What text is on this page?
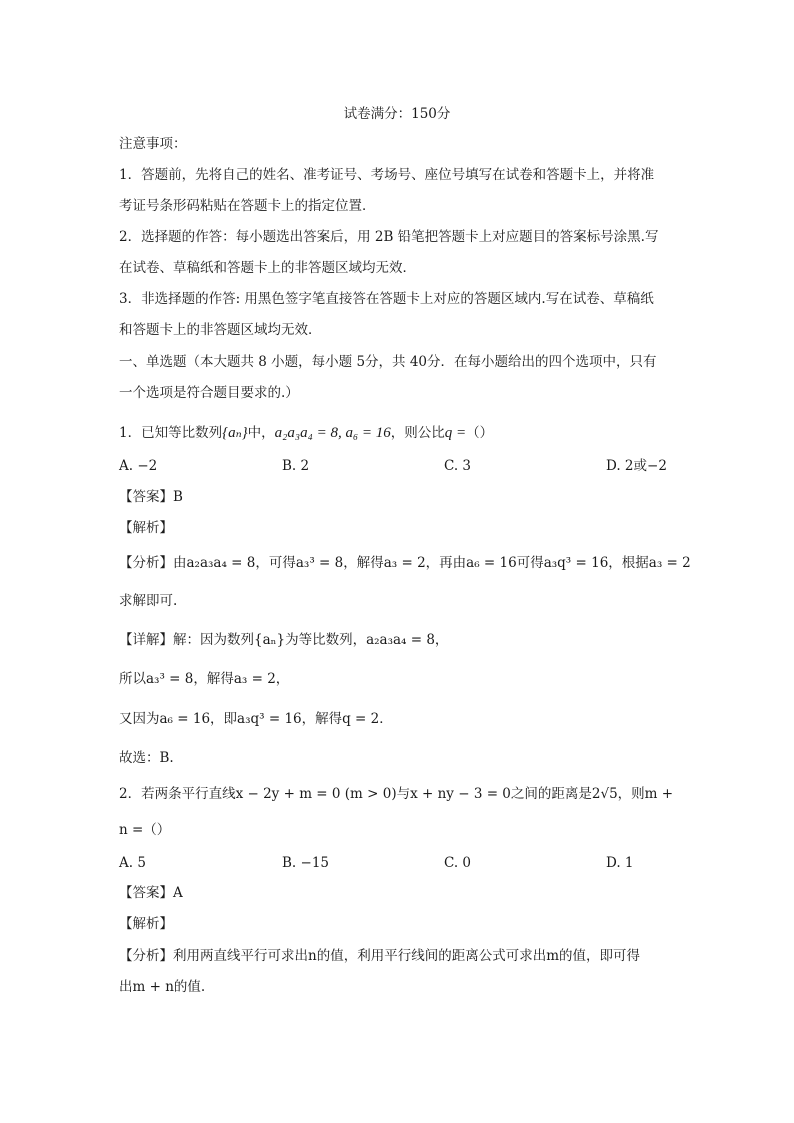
试卷满分：150分
注意事项：
1．答题前，先将自己的姓名、准考证号、考场号、座位号填写在试卷和答题卡上，并将准
考证号条形码粘贴在答题卡上的指定位置．
2．选择题的作答：每小题选出答案后，用 2B 铅笔把答题卡上对应题目的答案标号涂黑.写
在试卷、草稿纸和答题卡上的非答题区域均无效．
3．非选择题的作答: 用黑色签字笔直接答在答题卡上对应的答题区域内.写在试卷、草稿纸
和答题卡上的非答题区域均无效．
一、单选题（本大题共 8 小题，每小题 5分，共 40分．在每小题给出的四个选项中，只有
一个选项是符合题目要求的.）
1．已知等比数列{aₙ}中，a₂a₃a₄ = 8, a₆ = 16，则公比q =（）
A. −2	B. 2	C. 3	D. 2或−2
【答案】B
【解析】
【分析】由a₂a₃a₄ = 8，可得a₃³ = 8，解得a₃ = 2，再由a₆ = 16可得a₃q³ = 16，根据a₃ = 2
求解即可.
【详解】解：因为数列{aₙ}为等比数列，a₂a₃a₄ = 8，
所以a₃³ = 8，解得a₃ = 2，
又因为a₆ = 16，即a₃q³ = 16，解得q = 2．
故选：B.
2．若两条平行直线x − 2y + m = 0 (m > 0)与x + ny − 3 = 0之间的距离是2√5，则m +
n =（）
A. 5	B. −15	C. 0	D. 1
【答案】A
【解析】
【分析】利用两直线平行可求出n的值，利用平行线间的距离公式可求出m的值，即可得
出m + n的值.
